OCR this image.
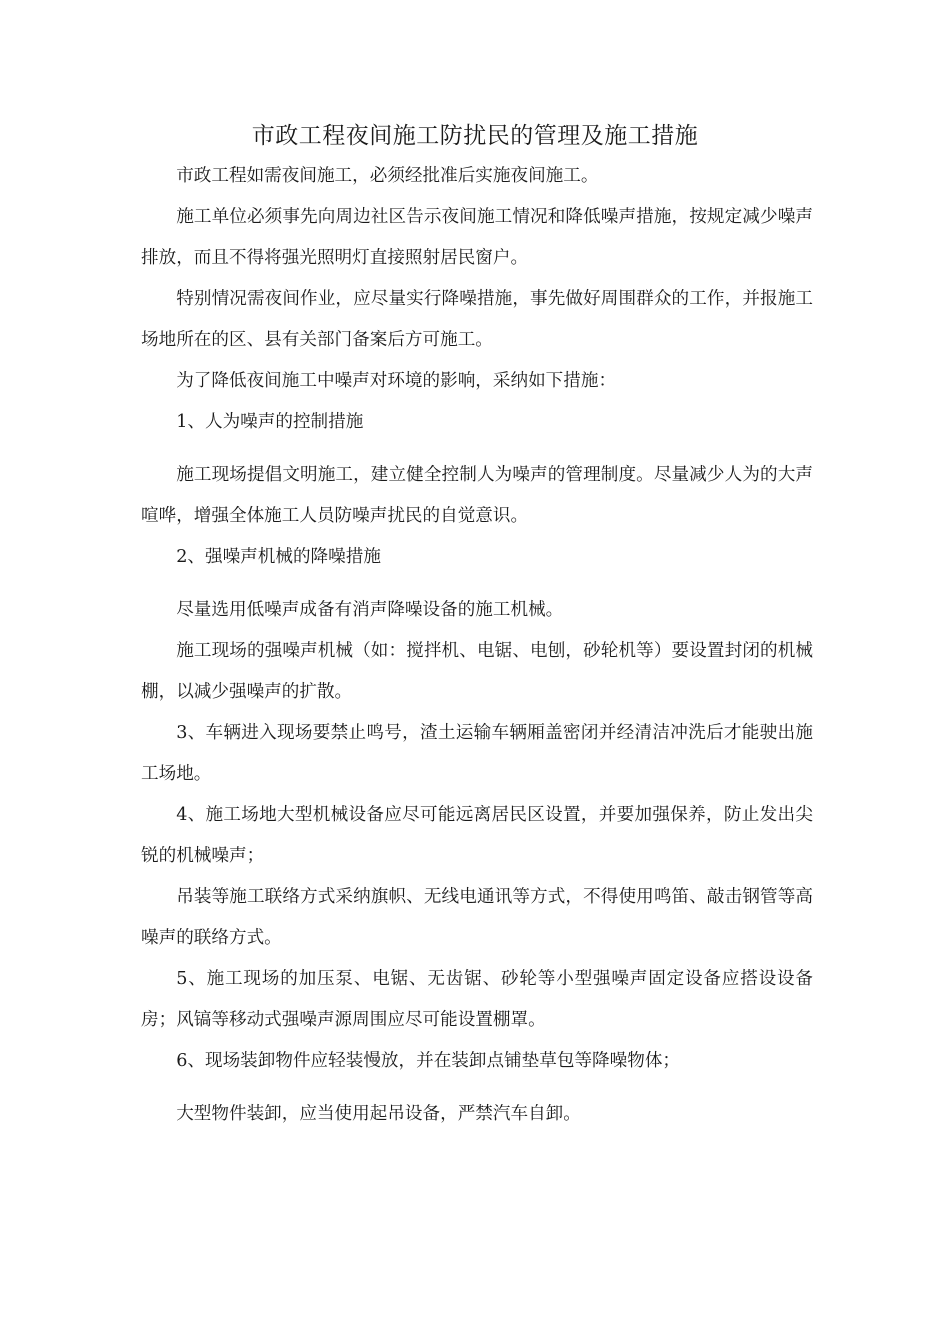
市政工程夜间施工防扰民的管理及施工措施

市政工程如需夜间施工，必须经批准后实施夜间施工。

施工单位必须事先向周边社区告示夜间施工情况和降低噪声措施，按规定减少噪声排放，而且不得将强光照明灯直接照射居民窗户。

特别情况需夜间作业，应尽量实行降噪措施，事先做好周围群众的工作，并报施工场地所在的区、县有关部门备案后方可施工。

为了降低夜间施工中噪声对环境的影响，采纳如下措施：

1、人为噪声的控制措施

施工现场提倡文明施工，建立健全控制人为噪声的管理制度。尽量减少人为的大声喧哗，增强全体施工人员防噪声扰民的自觉意识。

2、强噪声机械的降噪措施

尽量选用低噪声成备有消声降噪设备的施工机械。

施工现场的强噪声机械（如：搅拌机、电锯、电刨，砂轮机等）要设置封闭的机械棚，以减少强噪声的扩散。

3、车辆进入现场要禁止鸣号，渣土运输车辆厢盖密闭并经清洁冲洗后才能驶出施工场地。

4、施工场地大型机械设备应尽可能远离居民区设置，并要加强保养，防止发出尖锐的机械噪声；

吊装等施工联络方式采纳旗帜、无线电通讯等方式，不得使用鸣笛、敲击钢管等高噪声的联络方式。

5、施工现场的加压泵、电锯、无齿锯、砂轮等小型强噪声固定设备应搭设设备房；风镐等移动式强噪声源周围应尽可能设置棚罩。

6、现场装卸物件应轻装慢放，并在装卸点铺垫草包等降噪物体；

大型物件装卸，应当使用起吊设备，严禁汽车自卸。
